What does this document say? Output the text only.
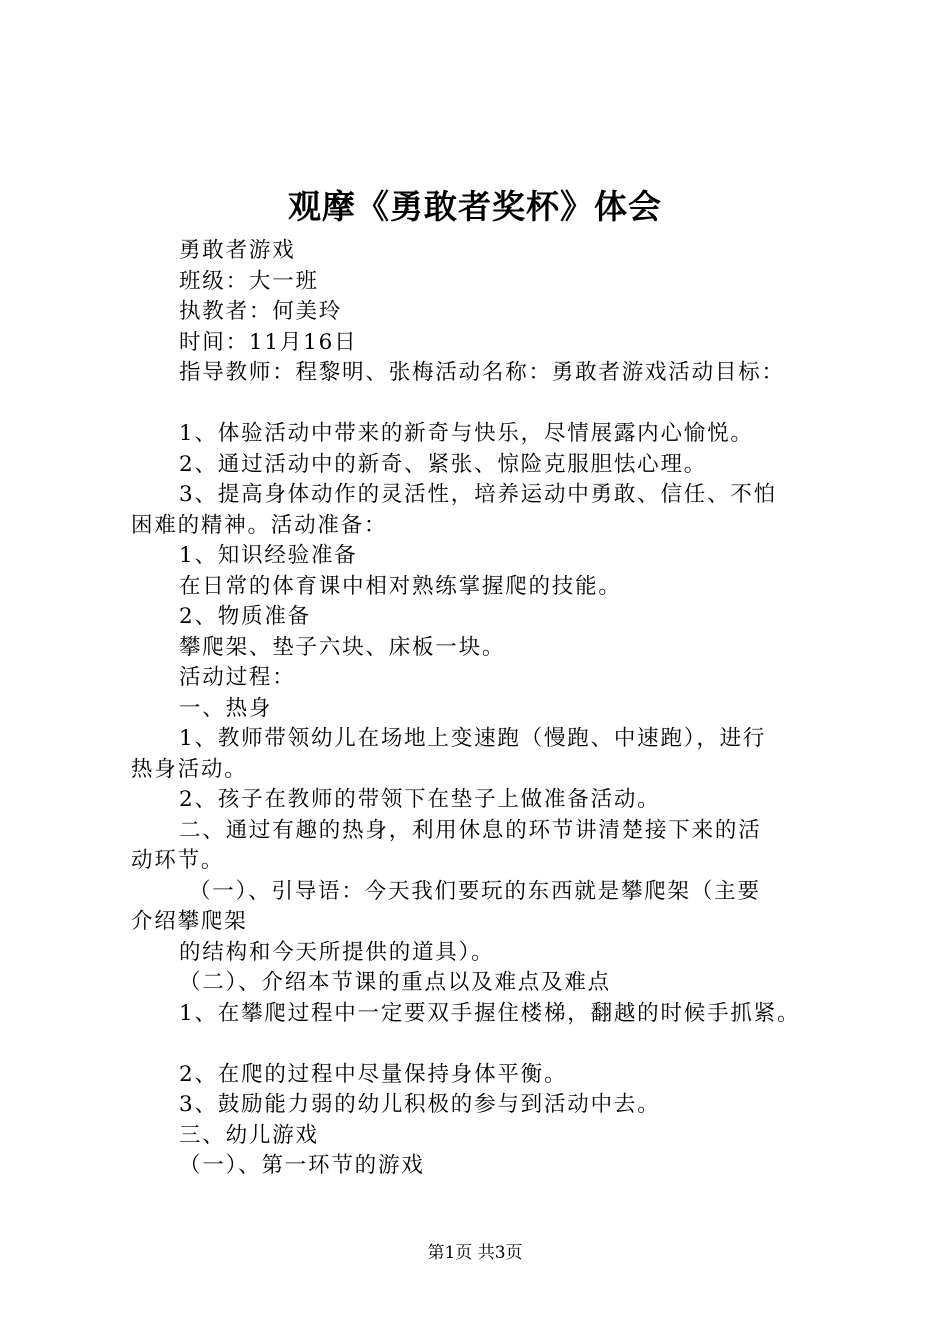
观摩《勇敢者奖杯》体会
勇敢者游戏
班级：大一班
执教者：何美玲
时间：11月16日
指导教师：程黎明、张梅活动名称：勇敢者游戏活动目标：
1、体验活动中带来的新奇与快乐，尽情展露内心愉悦。
2、通过活动中的新奇、紧张、惊险克服胆怯心理。
3、提高身体动作的灵活性，培养运动中勇敢、信任、不怕
困难的精神。活动准备：
1、知识经验准备
在日常的体育课中相对熟练掌握爬的技能。
2、物质准备
攀爬架、垫子六块、床板一块。
活动过程：
一、热身
1、教师带领幼儿在场地上变速跑（慢跑、中速跑），进行
热身活动。
2、孩子在教师的带领下在垫子上做准备活动。
二、通过有趣的热身，利用休息的环节讲清楚接下来的活
动环节。
（一）、引导语：今天我们要玩的东西就是攀爬架（主要
介绍攀爬架
的结构和今天所提供的道具）。
（二）、介绍本节课的重点以及难点及难点
1、在攀爬过程中一定要双手握住楼梯，翻越的时候手抓紧。
2、在爬的过程中尽量保持身体平衡。
3、鼓励能力弱的幼儿积极的参与到活动中去。
三、幼儿游戏
（一）、第一环节的游戏
第1页 共3页
